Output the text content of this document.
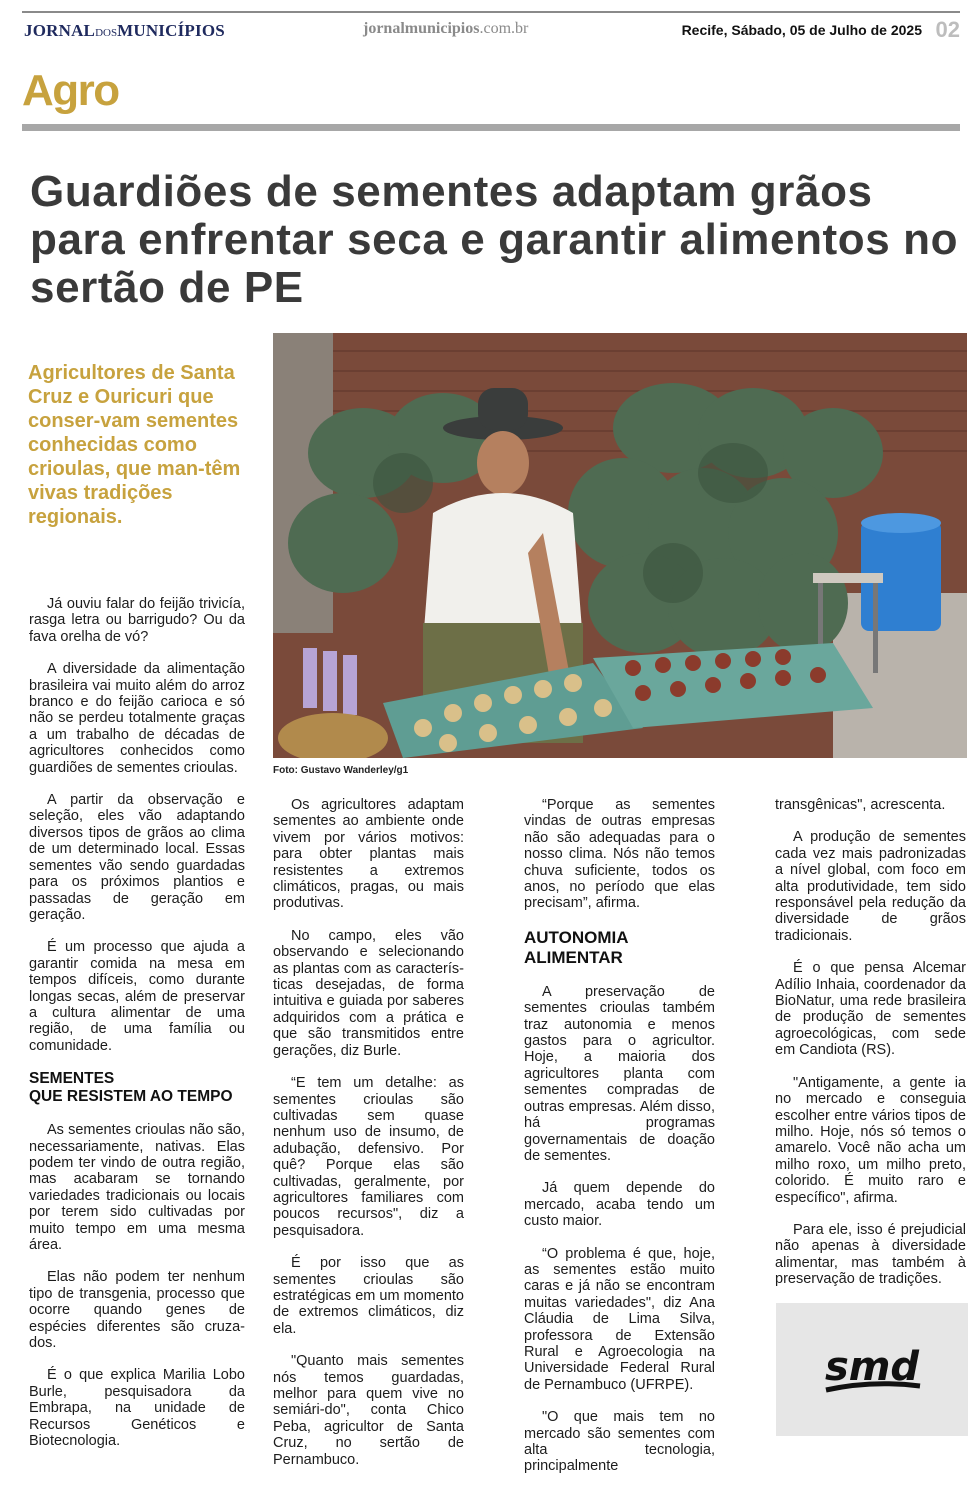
JORNALDOSMUNICÍPIOS	jornalmunicipios.com.br	Recife, Sábado, 05 de Julho de 2025 02
Agro
Guardiões de sementes adaptam grãos para enfrentar seca e garantir alimentos no sertão de PE
Agricultores de Santa Cruz e Ouricuri que conser-vam sementes conhecidas como crioulas, que man-têm vivas tradições regionais.
Foto: Gustavo Wanderley/g1

Já ouviu falar do feijão trivicía, rasga letra ou barrigudo? Ou da fava orelha de vó?

A diversidade da alimentação brasileira vai muito além do arroz branco e do feijão carioca e só não se perdeu totalmente graças a um trabalho de décadas de agricultores conhecidos como guardiões de sementes crioulas.

A partir da observação e seleção, eles vão adaptando diversos tipos de grãos ao clima de um determinado local. Essas sementes vão sendo guardadas para os próximos plantios e passadas de geração em geração.

É um processo que ajuda a garantir comida na mesa em tempos difíceis, como durante longas secas, além de preservar a cultura alimentar de uma região, de uma família ou comunidade.

SEMENTES
QUE RESISTEM AO TEMPO

As sementes crioulas não são, necessariamente, nativas. Elas podem ter vindo de outra região, mas acabaram se tornando variedades tradicionais ou locais por terem sido cultivadas por muito tempo em uma mesma área.

Elas não podem ter nenhum tipo de transgenia, processo que ocorre quando genes de espécies diferentes são cruza-dos.

É o que explica Marilia Lobo Burle, pesquisadora da Embrapa, na unidade de Recursos Genéticos e Biotecnologia.

Os agricultores adaptam sementes ao ambiente onde vivem por vários motivos: para obter plantas mais resistentes a extremos climáticos, pragas, ou mais produtivas.

No campo, eles vão observando e selecionando as plantas com as caracterís-ticas desejadas, de forma intuitiva e guiada por saberes adquiridos com a prática e que são transmitidos entre gerações, diz Burle.

“E tem um detalhe: as sementes crioulas são cultivadas sem quase nenhum uso de insumo, de adubação, defensivo. Por quê? Porque elas são cultivadas, geralmente, por agricultores familiares com poucos recursos", diz a pesquisadora.

É por isso que as sementes crioulas são estratégicas em um momento de extremos climáticos, diz ela.

"Quanto mais sementes nós temos guardadas, melhor para quem vive no semiári-do", conta Chico Peba, agricultor de Santa Cruz, no sertão de Pernambuco.

“Porque as sementes vindas de outras empresas não são adequadas para o nosso clima. Nós não temos chuva suficiente, todos os anos, no período que elas precisam”, afirma.

AUTONOMIA ALIMENTAR

A preservação de sementes crioulas também traz autonomia e menos gastos para o agricultor. Hoje, a maioria dos agricultores planta com sementes compradas de outras empresas. Além disso, há programas governamentais de doação de sementes.

Já quem depende do mercado, acaba tendo um custo maior.

“O problema é que, hoje, as sementes estão muito caras e já não se encontram muitas variedades", diz Ana Cláudia de Lima Silva, professora de Extensão Rural e Agroecologia na Universidade Federal Rural de Pernambuco (UFRPE).

"O que mais tem no mercado são sementes com alta tecnologia, principalmente

transgênicas", acrescenta.

A produção de sementes cada vez mais padronizadas a nível global, com foco em alta produtividade, tem sido responsável pela redução da diversidade de grãos tradicionais.

É o que pensa Alcemar Adílio Inhaia, coordenador da BioNatur, uma rede brasileira de produção de sementes agroecológicas, com sede em Candiota (RS).

"Antigamente, a gente ia no mercado e conseguia escolher entre vários tipos de milho. Hoje, nós só temos o amarelo. Você não acha um milho roxo, um milho preto, colorido. É muito raro e específico", afirma.

Para ele, isso é prejudicial não apenas à diversidade alimentar, mas também à preservação de tradições.

smd
